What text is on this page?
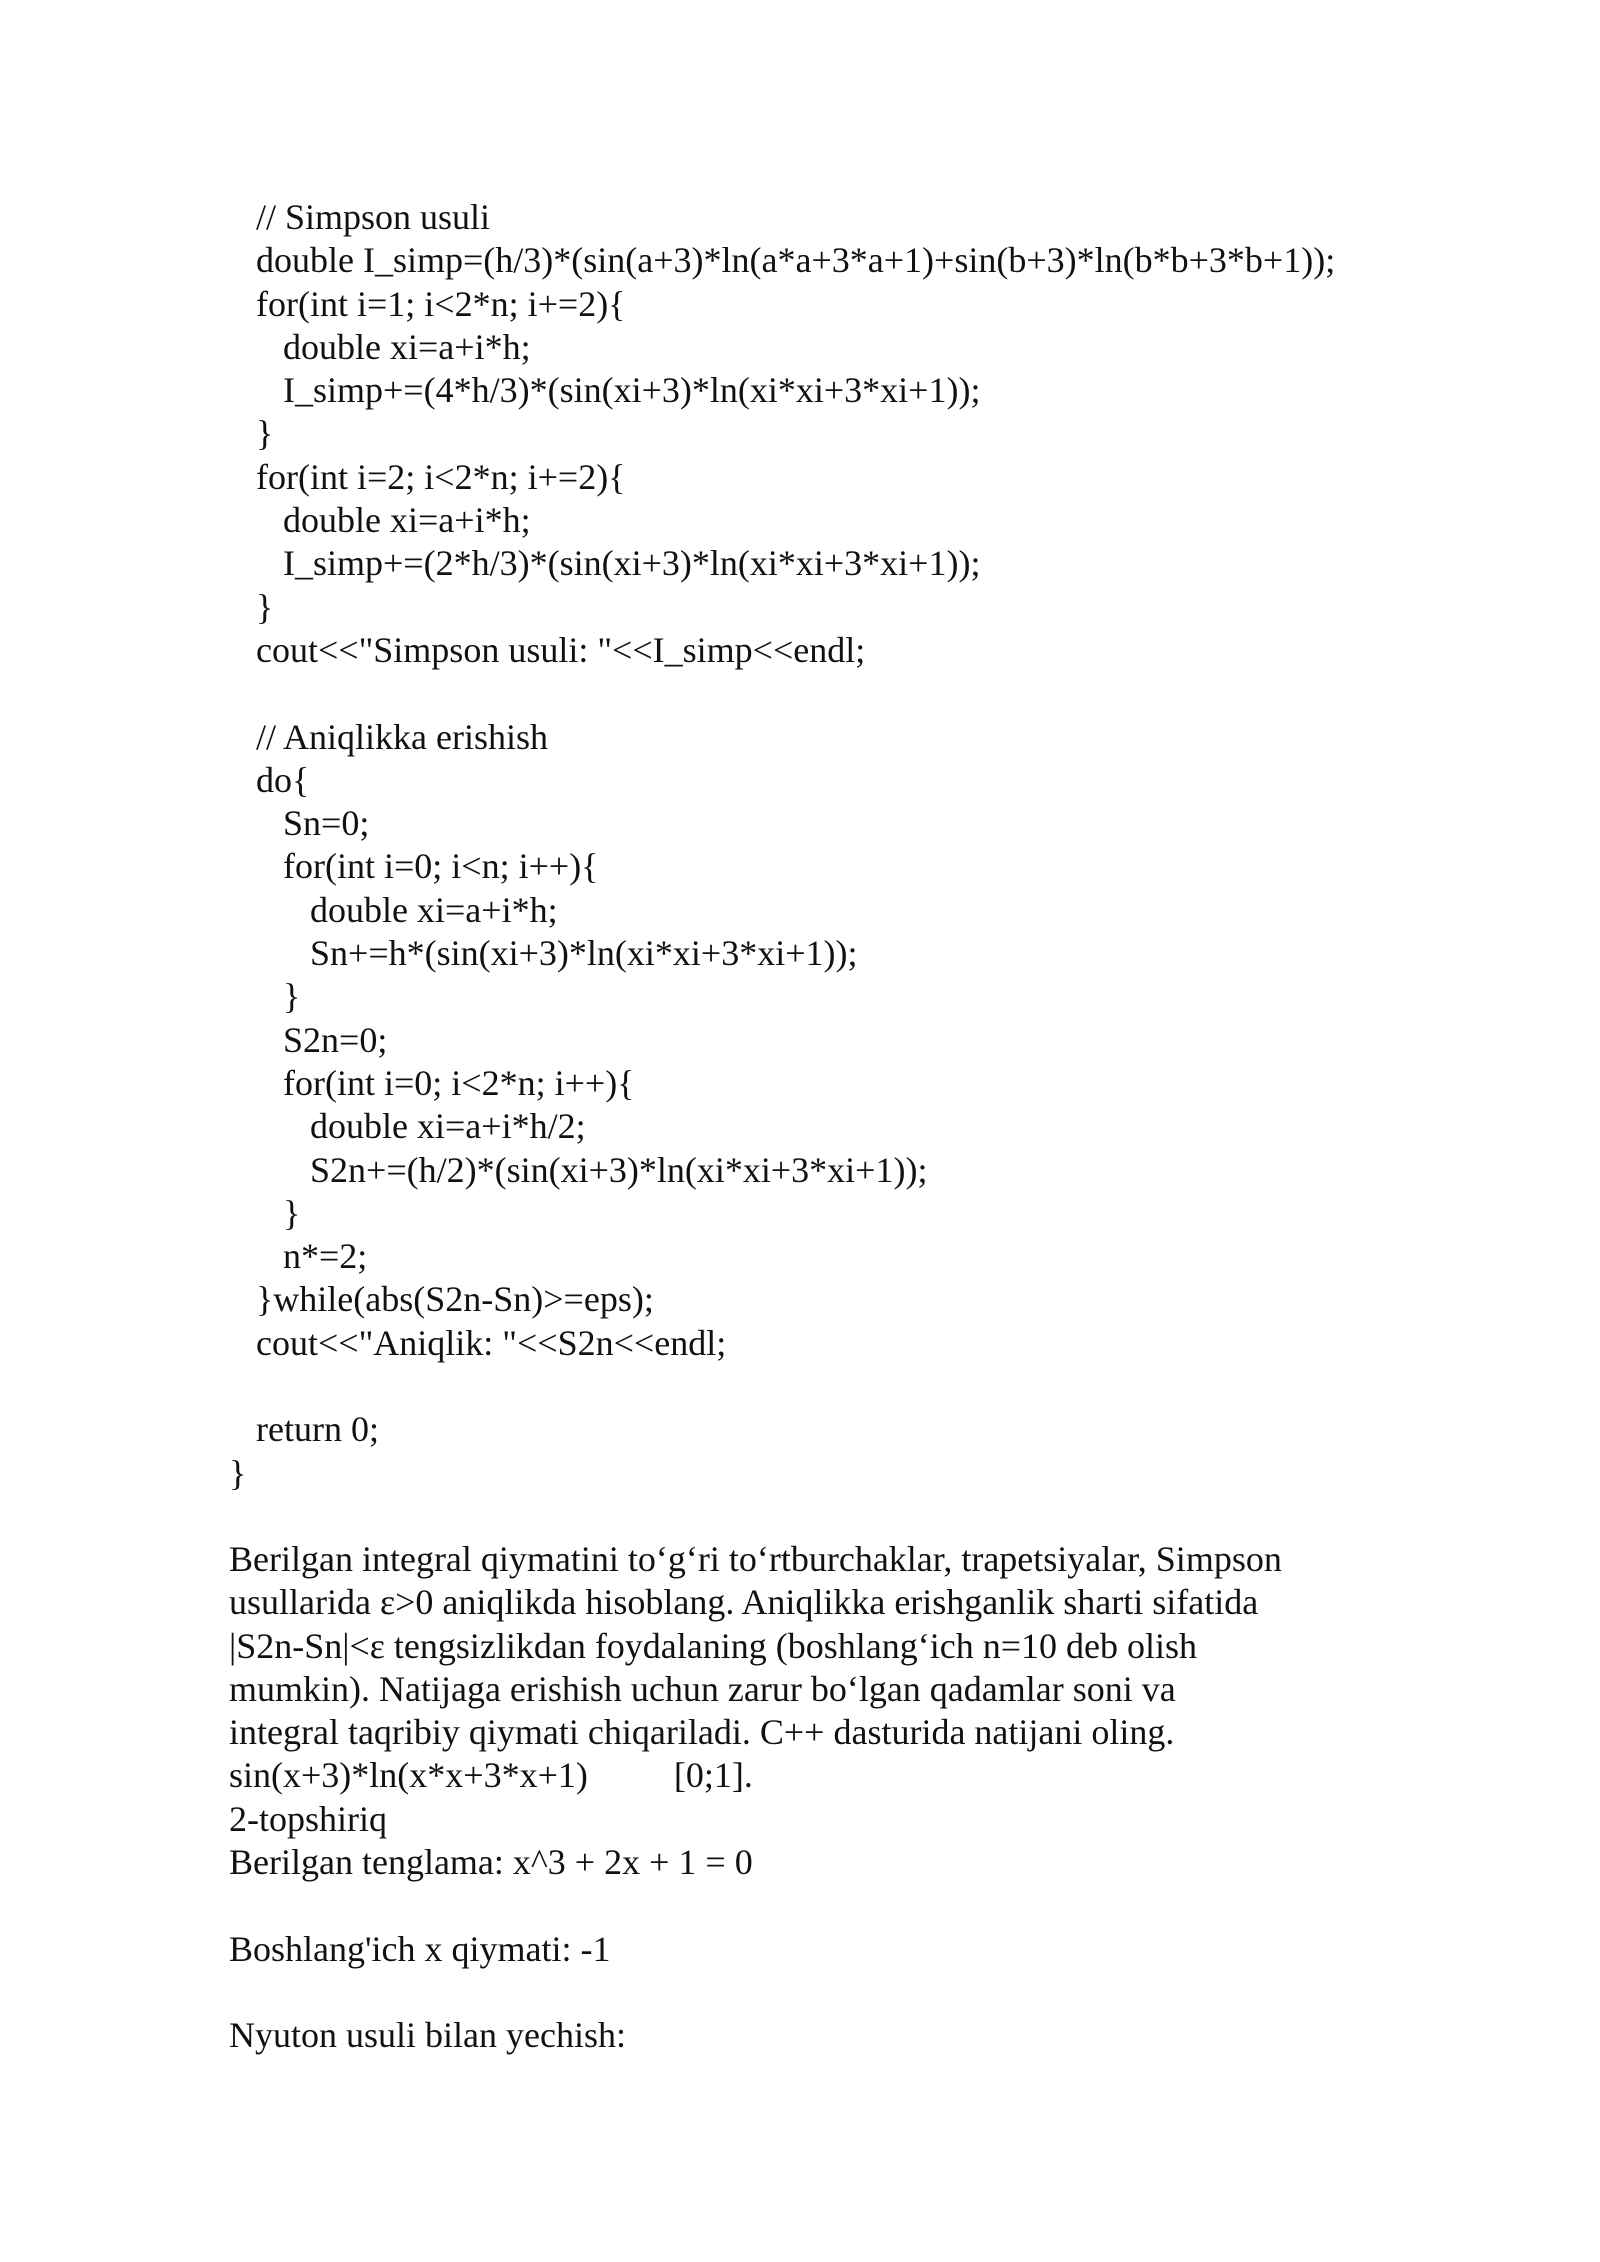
// Simpson usuli
double I_simp=(h/3)*(sin(a+3)*ln(a*a+3*a+1)+sin(b+3)*ln(b*b+3*b+1));
for(int i=1; i<2*n; i+=2){
double xi=a+i*h;
I_simp+=(4*h/3)*(sin(xi+3)*ln(xi*xi+3*xi+1));
}
for(int i=2; i<2*n; i+=2){
double xi=a+i*h;
I_simp+=(2*h/3)*(sin(xi+3)*ln(xi*xi+3*xi+1));
}
cout<<"Simpson usuli: "<<I_simp<<endl;
// Aniqlikka erishish
do{
Sn=0;
for(int i=0; i<n; i++){
double xi=a+i*h;
Sn+=h*(sin(xi+3)*ln(xi*xi+3*xi+1));
}
S2n=0;
for(int i=0; i<2*n; i++){
double xi=a+i*h/2;
S2n+=(h/2)*(sin(xi+3)*ln(xi*xi+3*xi+1));
}
n*=2;
}while(abs(S2n-Sn)>=eps);
cout<<"Aniqlik: "<<S2n<<endl;
return 0;
}
Berilgan integral qiymatini to‘g‘ri to‘rtburchaklar, trapetsiyalar, Simpson
usullarida ε>0 aniqlikda hisoblang. Aniqlikka erishganlik sharti sifatida
|S2n-Sn|<ε tengsizlikdan foydalaning (boshlang‘ich n=10 deb olish
mumkin). Natijaga erishish uchun zarur bo‘lgan qadamlar soni va
integral taqribiy qiymati chiqariladi. C++ dasturida natijani oling.
sin(x+3)*ln(x*x+3*x+1) [0;1].
2-topshiriq
Berilgan tenglama: x^3 + 2x + 1 = 0
Boshlang'ich x qiymati: -1
Nyuton usuli bilan yechish:
